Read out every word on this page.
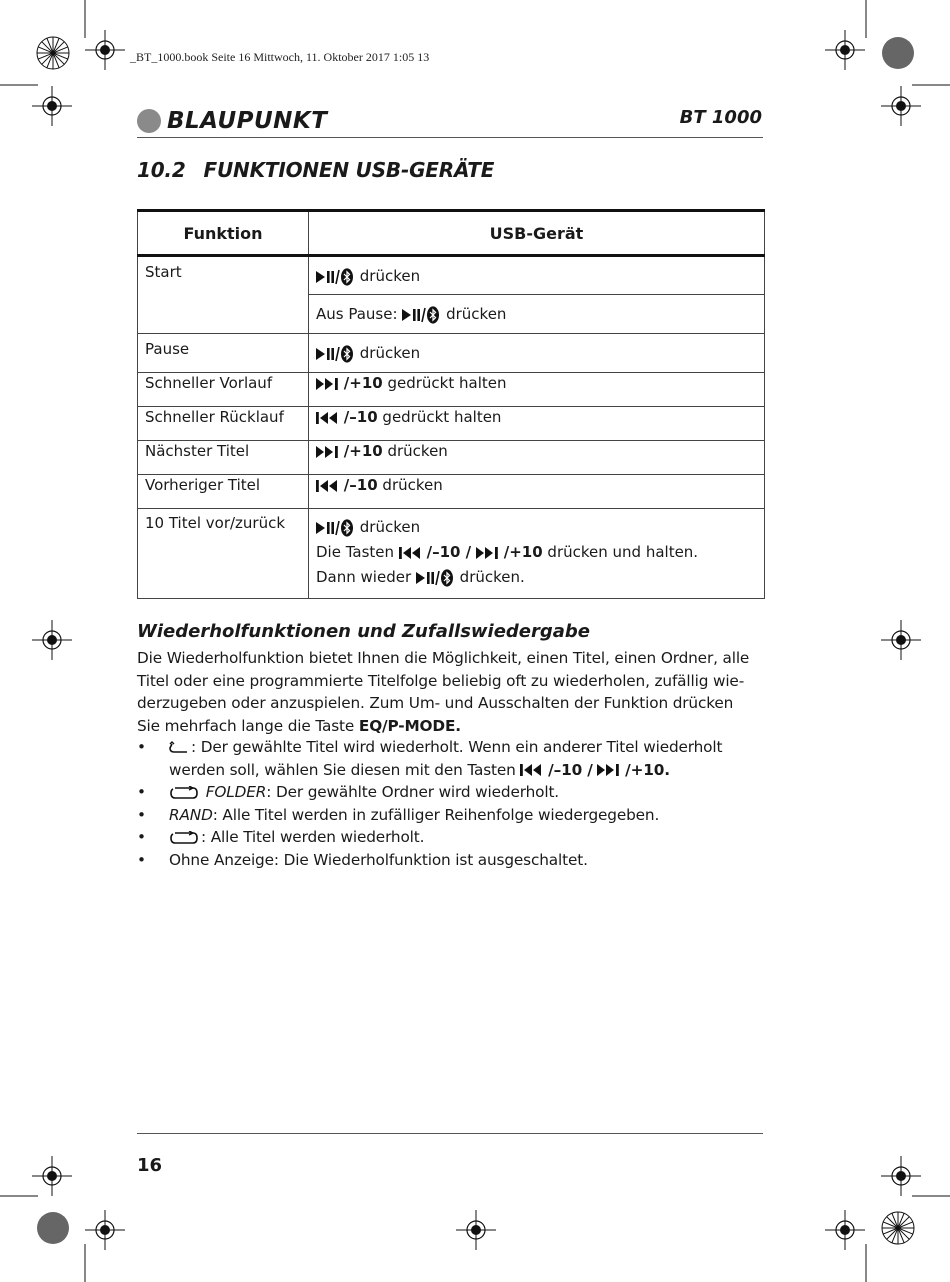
_BT_1000.book Seite 16 Mittwoch, 11. Oktober 2017 1:05 13
BLAUPUNKT	BT 1000
10.2 FUNKTIONEN USB-GERÄTE
Funktion	USB-Gerät
Start	drücken
	Aus Pause: drücken
Pause	drücken
Schneller Vorlauf	/+10 gedrückt halten
Schneller Rücklauf	/–10 gedrückt halten
Nächster Titel	/+10 drücken
Vorheriger Titel	/–10 drücken
10 Titel vor/zurück	drücken
Die Tasten /–10 / /+10 drücken und halten.
Dann wieder drücken.
Wiederholfunktionen und Zufallswiedergabe

Die Wiederholfunktion bietet Ihnen die Möglichkeit, einen Titel, einen Ordner, alle

Titel oder eine programmierte Titelfolge beliebig oft zu wiederholen, zufällig wie-

derzugeben oder anzuspielen. Zum Um- und Ausschalten der Funktion drücken

Sie mehrfach lange die Taste EQ/P-MODE.

•	: Der gewählte Titel wird wiederholt. Wenn ein anderer Titel wiederholt
werden soll, wählen Sie diesen mit den Tasten /–10 / /+10.
•	FOLDER: Der gewählte Ordner wird wiederholt.
• RAND: Alle Titel werden in zufälliger Reihenfolge wiedergegeben.
•	: Alle Titel werden wiederholt.
• Ohne Anzeige: Die Wiederholfunktion ist ausgeschaltet.
16
